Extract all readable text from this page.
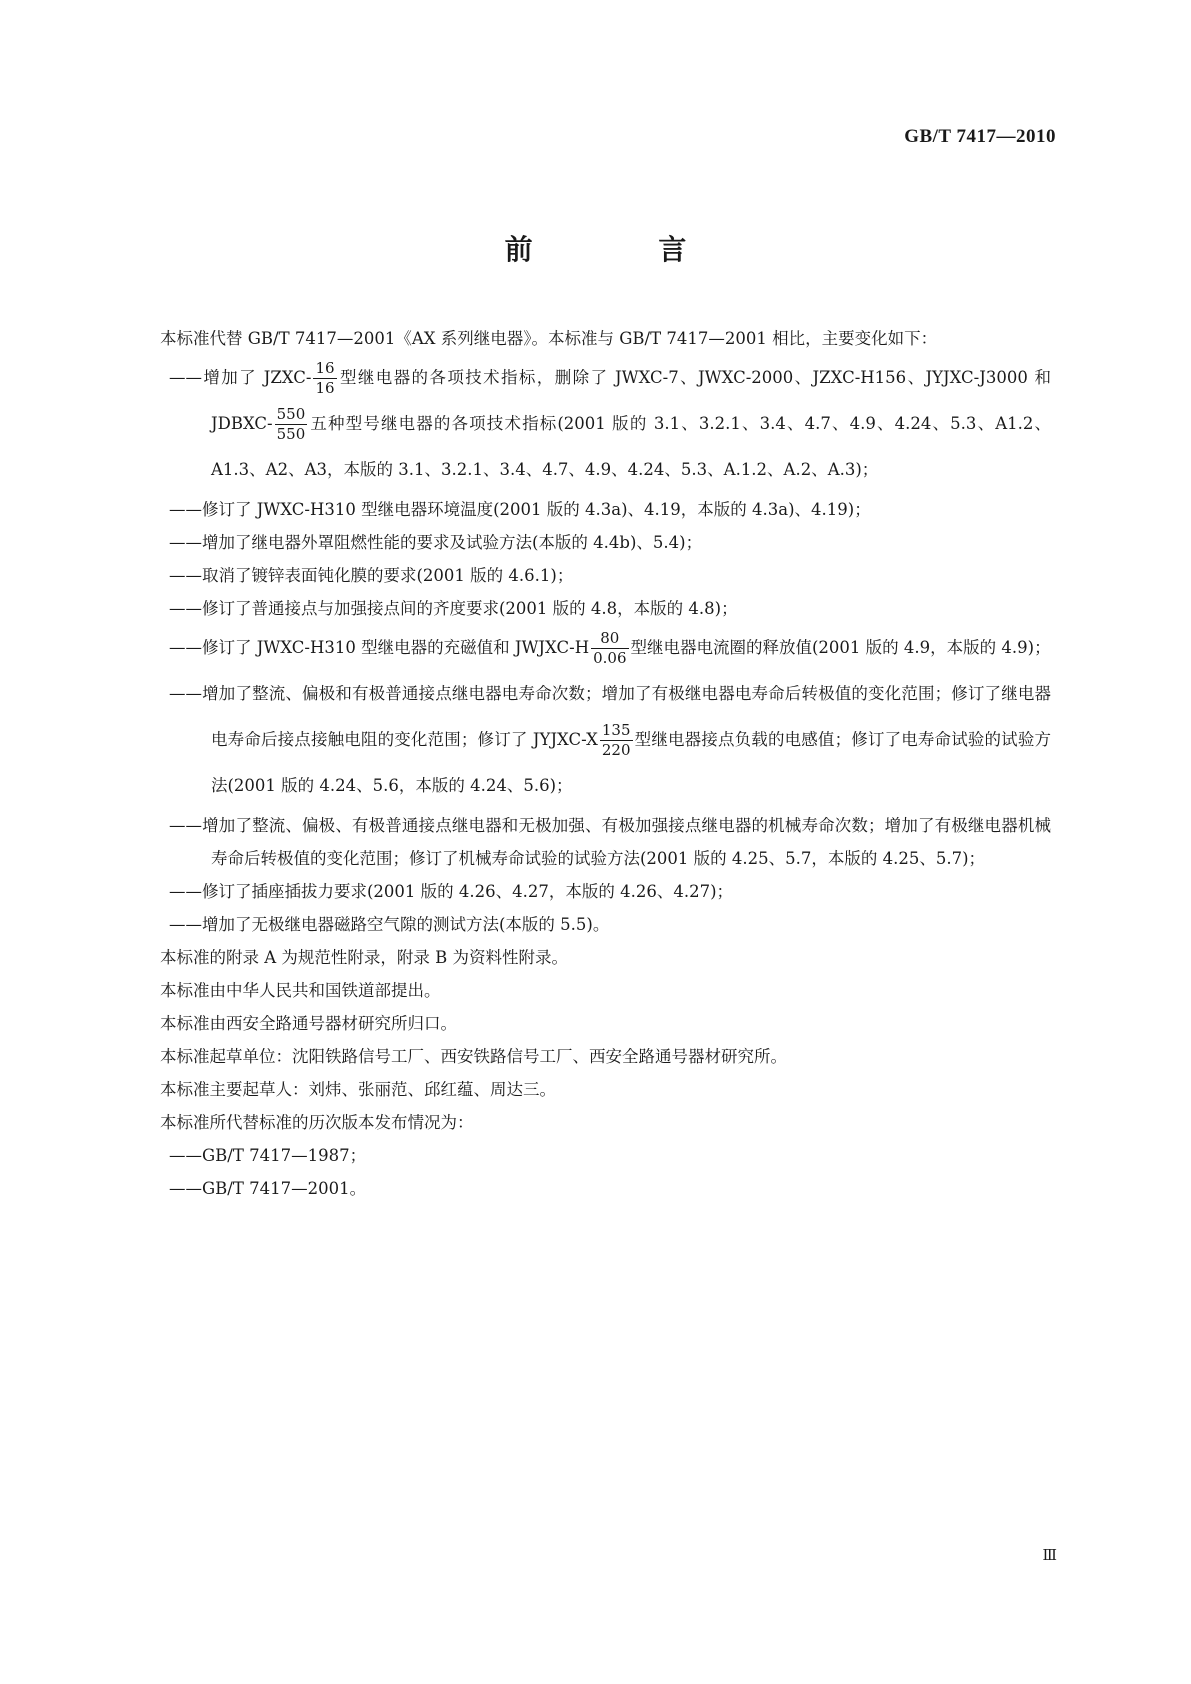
GB/T 7417—2010
前 言

本标准代替 GB/T 7417—2001《AX 系列继电器》。本标准与 GB/T 7417—2001 相比，主要变化如下：

——增加了 JZXC- $\frac{16}{16}$ 型继电器的各项技术指标，删除了 JWXC-7、JWXC-2000、JZXC-H156、JYJXC-J3000 和 JDBXC- $\frac{550}{550}$ 五种型号继电器的各项技术指标(2001 版的 3.1、3.2.1、3.4、4.7、4.9、4.24、5.3、A1.2、A1.3、A2、A3，本版的 3.1、3.2.1、3.4、4.7、4.9、4.24、5.3、A.1.2、A.2、A.3)；

——修订了 JWXC-H310 型继电器环境温度(2001 版的 4.3a)、4.19，本版的 4.3a)、4.19)；

——增加了继电器外罩阻燃性能的要求及试验方法(本版的 4.4b)、5.4)；

——取消了镀锌表面钝化膜的要求(2001 版的 4.6.1)；

——修订了普通接点与加强接点间的齐度要求(2001 版的 4.8，本版的 4.8)；

——修订了 JWXC-H310 型继电器的充磁值和 JWJXC-H $\frac{80}{0.06}$ 型继电器电流圈的释放值(2001 版的 4.9，本版的 4.9)；

——增加了整流、偏极和有极普通接点继电器电寿命次数；增加了有极继电器电寿命后转极值的变化范围；修订了继电器电寿命后接点接触电阻的变化范围；修订了 JYJXC-X $\frac{135}{220}$ 型继电器接点负载的电感值；修订了电寿命试验的试验方法(2001 版的 4.24、5.6，本版的 4.24、5.6)；

——增加了整流、偏极、有极普通接点继电器和无极加强、有极加强接点继电器的机械寿命次数；增加了有极继电器机械寿命后转极值的变化范围；修订了机械寿命试验的试验方法(2001 版的 4.25、5.7，本版的 4.25、5.7)；

——修订了插座插拔力要求(2001 版的 4.26、4.27，本版的 4.26、4.27)；

——增加了无极继电器磁路空气隙的测试方法(本版的 5.5)。

本标准的附录 A 为规范性附录，附录 B 为资料性附录。

本标准由中华人民共和国铁道部提出。

本标准由西安全路通号器材研究所归口。

本标准起草单位：沈阳铁路信号工厂、西安铁路信号工厂、西安全路通号器材研究所。

本标准主要起草人：刘炜、张丽范、邱红蕴、周达三。

本标准所代替标准的历次版本发布情况为：

——GB/T 7417—1987；

——GB/T 7417—2001。

Ⅲ
